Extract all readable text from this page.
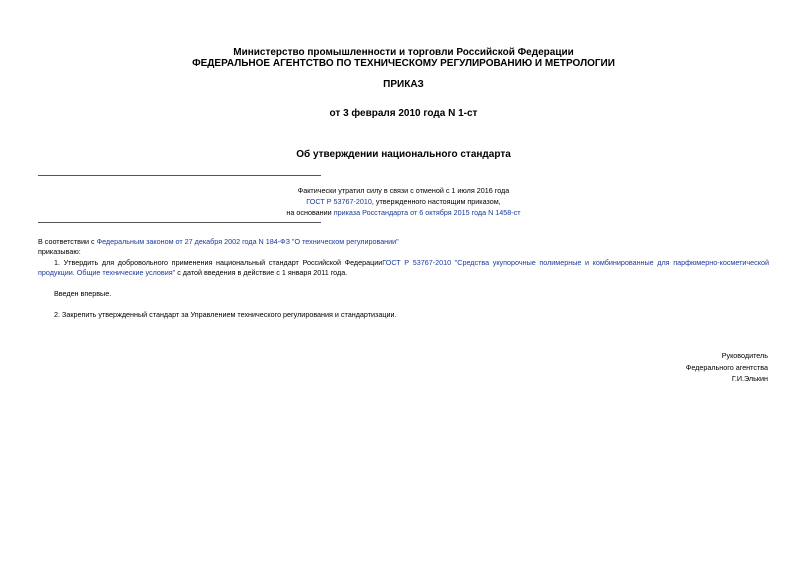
Министерство промышленности и торговли Российской Федерации
ФЕДЕРАЛЬНОЕ АГЕНТСТВО ПО ТЕХНИЧЕСКОМУ РЕГУЛИРОВАНИЮ И МЕТРОЛОГИИ
ПРИКАЗ
от 3 февраля 2010 года N 1-ст
Об утверждении национального стандарта
Фактически утратил силу в связи с отменой с 1 июля 2016 года
ГОСТ Р 53767-2010, утвержденного настоящим приказом,
на основании приказа Росстандарта от 6 октября 2015 года N 1458-ст
В соответствии с Федеральным законом от 27 декабря 2002 года N 184-ФЗ "О техническом регулировании"
приказываю:
1. Утвердить для добровольного применения национальный стандарт Российской ФедерацииГОСТ Р 53767-2010 "Средства укупорочные полимерные и комбинированные для парфюмерно-косметической
продукции. Общие технические условия" с датой введения в действие с 1 января 2011 года.
Введен впервые.
2. Закрепить утвержденный стандарт за Управлением технического регулирования и стандартизации.
Руководитель
Федерального агентства
Г.И.Элькин
